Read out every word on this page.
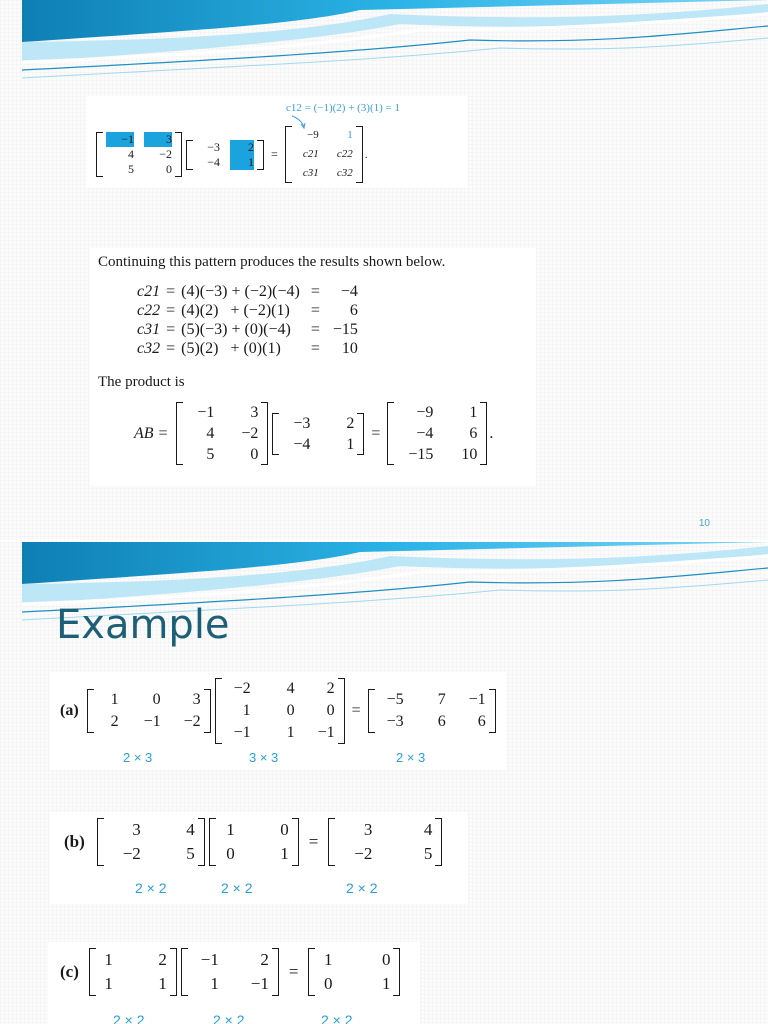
c12 = (−1)(2) + (3)(1) = 1
−1	3
4	−2
5	0
−3	2
−4	1
=
−9	1
c21	c22
c31	c32
.
Continuing this pattern produces the results shown below.
c21	=	(4)(−3) + (−2)(−4)	=	−4
c22	=	(4)(2)   + (−2)(1)	=	6
c31	=	(5)(−3) + (0)(−4)	=	−15
c32	=	(5)(2)   + (0)(1)	=	10
The product is
AB =
−1	3
4	−2
5	0
−3	2
−4	1
=
−9	1
−4	6
−15	10
.
10
Example
(a)
1	0	3
2	−1	−2
−2	4	2
1	0	0
−1	1	−1
=
−5	7	−1
−3	6	6
2 × 3	3 × 3	2 × 3
(b)
3	4
−2	5
1	0
0	1
=
3	4
−2	5
2 × 2	2 × 2	2 × 2
(c)
1	2
1	1
−1	2
1	−1
=
1	0
0	1
2 × 2	2 × 2	2 × 2
